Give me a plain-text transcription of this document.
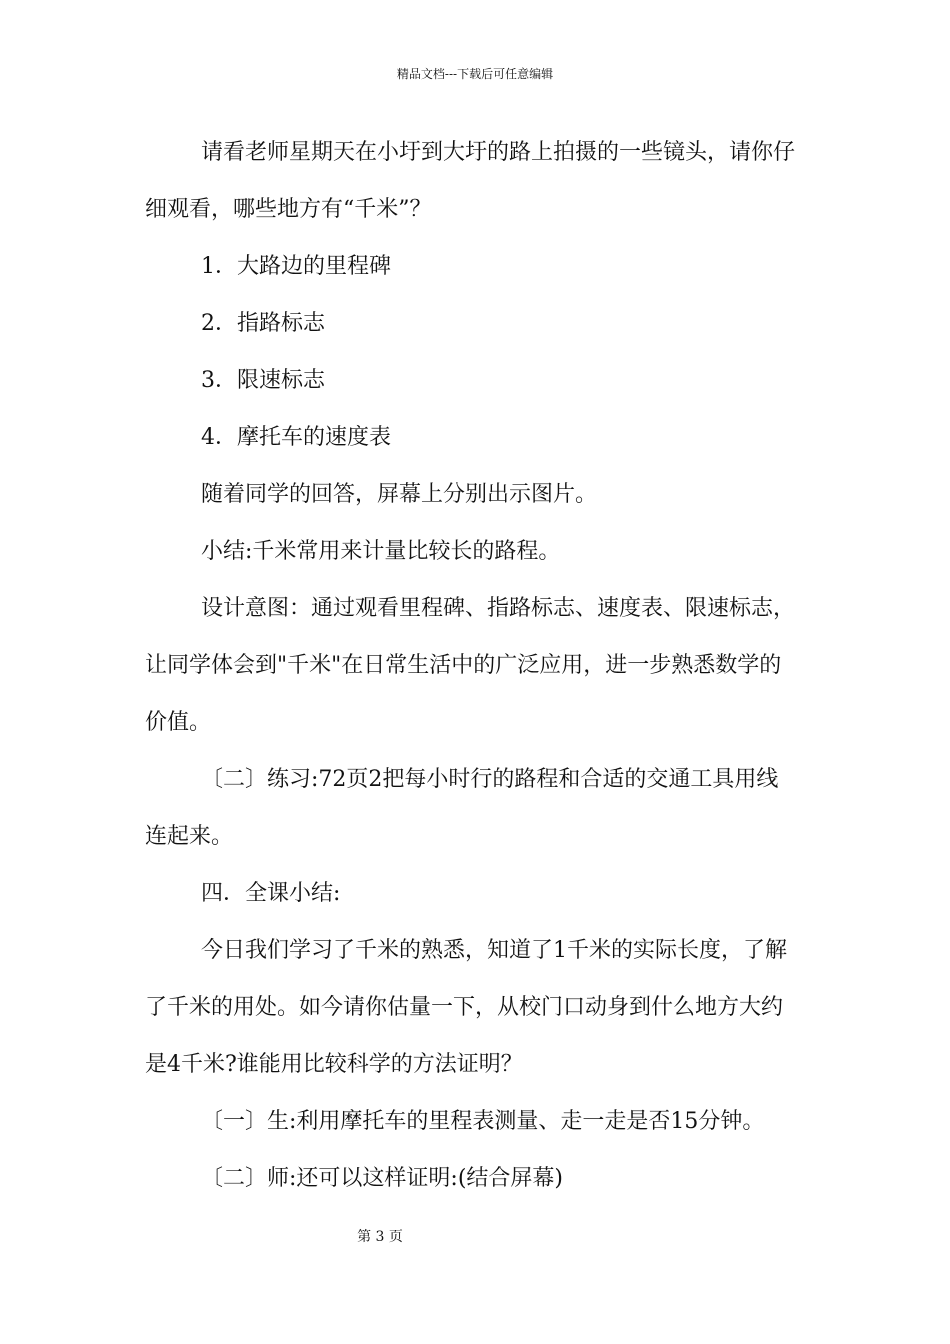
精品文档---下载后可任意编辑
请看老师星期天在小圩到大圩的路上拍摄的一些镜头，请你仔
细观看，哪些地方有“千米”？
1．大路边的里程碑
2．指路标志
3．限速标志
4．摩托车的速度表
随着同学的回答，屏幕上分别出示图片。
小结:千米常用来计量比较长的路程。
设计意图：通过观看里程碑、指路标志、速度表、限速标志，
让同学体会到"千米"在日常生活中的广泛应用，进一步熟悉数学的
价值。
〔二〕练习:72页2把每小时行的路程和合适的交通工具用线
连起来。
四．全课小结:
今日我们学习了千米的熟悉，知道了1千米的实际长度，了解
了千米的用处。如今请你估量一下，从校门口动身到什么地方大约
是4千米?谁能用比较科学的方法证明？
〔一〕生:利用摩托车的里程表测量、走一走是否15分钟。
〔二〕师:还可以这样证明:(结合屏幕)
第 3 页
